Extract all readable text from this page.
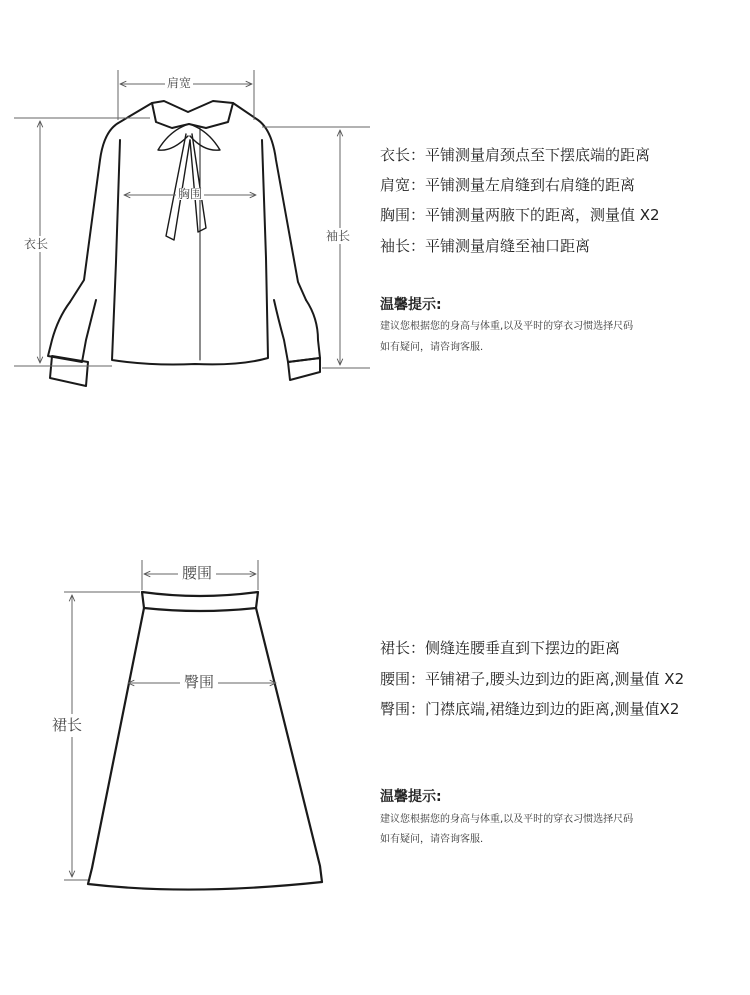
肩宽
胸围
衣长
袖长
衣长：平铺测量肩颈点至下摆底端的距离
肩宽：平铺测量左肩缝到右肩缝的距离
胸围：平铺测量两腋下的距离，测量值 X2
袖长：平铺测量肩缝至袖口距离
温馨提示:
建议您根据您的身高与体重,以及平时的穿衣习惯选择尺码
如有疑问，请咨询客服.
腰围
臀围
裙长
裙长：侧缝连腰垂直到下摆边的距离
腰围：平铺裙子,腰头边到边的距离,测量值 X2
臀围：门襟底端,裙缝边到边的距离,测量值X2
温馨提示:
建议您根据您的身高与体重,以及平时的穿衣习惯选择尺码
如有疑问，请咨询客服.
